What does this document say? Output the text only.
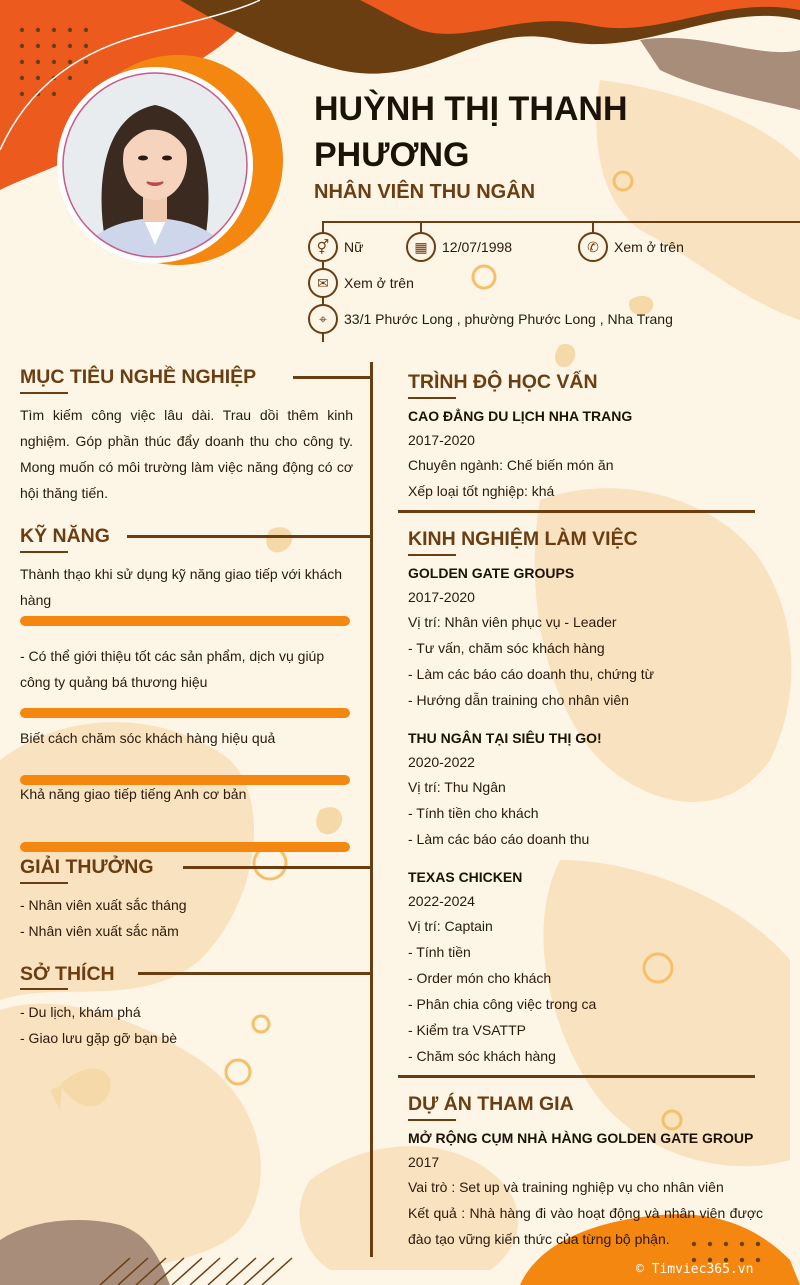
HUỲNH THỊ THANH PHƯƠNG
NHÂN VIÊN THU NGÂN
⚥	Nữ	▦	12/07/1998	✆	Xem ở trên
✉	Xem ở trên
⌖	33/1 Phước Long , phường Phước Long , Nha Trang
MỤC TIÊU NGHỀ NGHIỆP
Tìm kiếm công việc lâu dài. Trau dồi thêm kinh nghiệm. Góp phần thúc đẩy doanh thu cho công ty. Mong muốn có môi trường làm việc năng động có cơ hội thăng tiến.
KỸ NĂNG
Thành thạo khi sử dụng kỹ năng giao tiếp với khách hàng
- Có thể giới thiệu tốt các sản phẩm, dịch vụ giúp công ty quảng bá thương hiệu
Biết cách chăm sóc khách hàng hiệu quả
Khả năng giao tiếp tiếng Anh cơ bản
GIẢI THƯỞNG
- Nhân viên xuất sắc tháng
- Nhân viên xuất sắc năm
SỞ THÍCH
- Du lịch, khám phá
- Giao lưu gặp gỡ bạn bè
TRÌNH ĐỘ HỌC VẤN
CAO ĐẲNG DU LỊCH NHA TRANG
2017-2020
Chuyên ngành: Chế biến món ăn
Xếp loại tốt nghiệp: khá
KINH NGHIỆM LÀM VIỆC
GOLDEN GATE GROUPS
2017-2020
Vị trí: Nhân viên phục vụ - Leader
- Tư vấn, chăm sóc khách hàng
- Làm các báo cáo doanh thu, chứng từ
- Hướng dẫn training cho nhân viên
THU NGÂN TẠI SIÊU THỊ GO!
2020-2022
Vị trí: Thu Ngân
- Tính tiền cho khách
- Làm các báo cáo doanh thu
TEXAS CHICKEN
2022-2024
Vị trí: Captain
- Tính tiền
- Order món cho khách
- Phân chia công việc trong ca
- Kiểm tra VSATTP
- Chăm sóc khách hàng
DỰ ÁN THAM GIA
MỞ RỘNG CỤM NHÀ HÀNG GOLDEN GATE GROUP
2017
Vai trò : Set up và training nghiệp vụ cho nhân viên
Kết quả : Nhà hàng đi vào hoạt động và nhân viên được đào tạo vững kiến thức của từng bộ phận.
© Timviec365.vn
